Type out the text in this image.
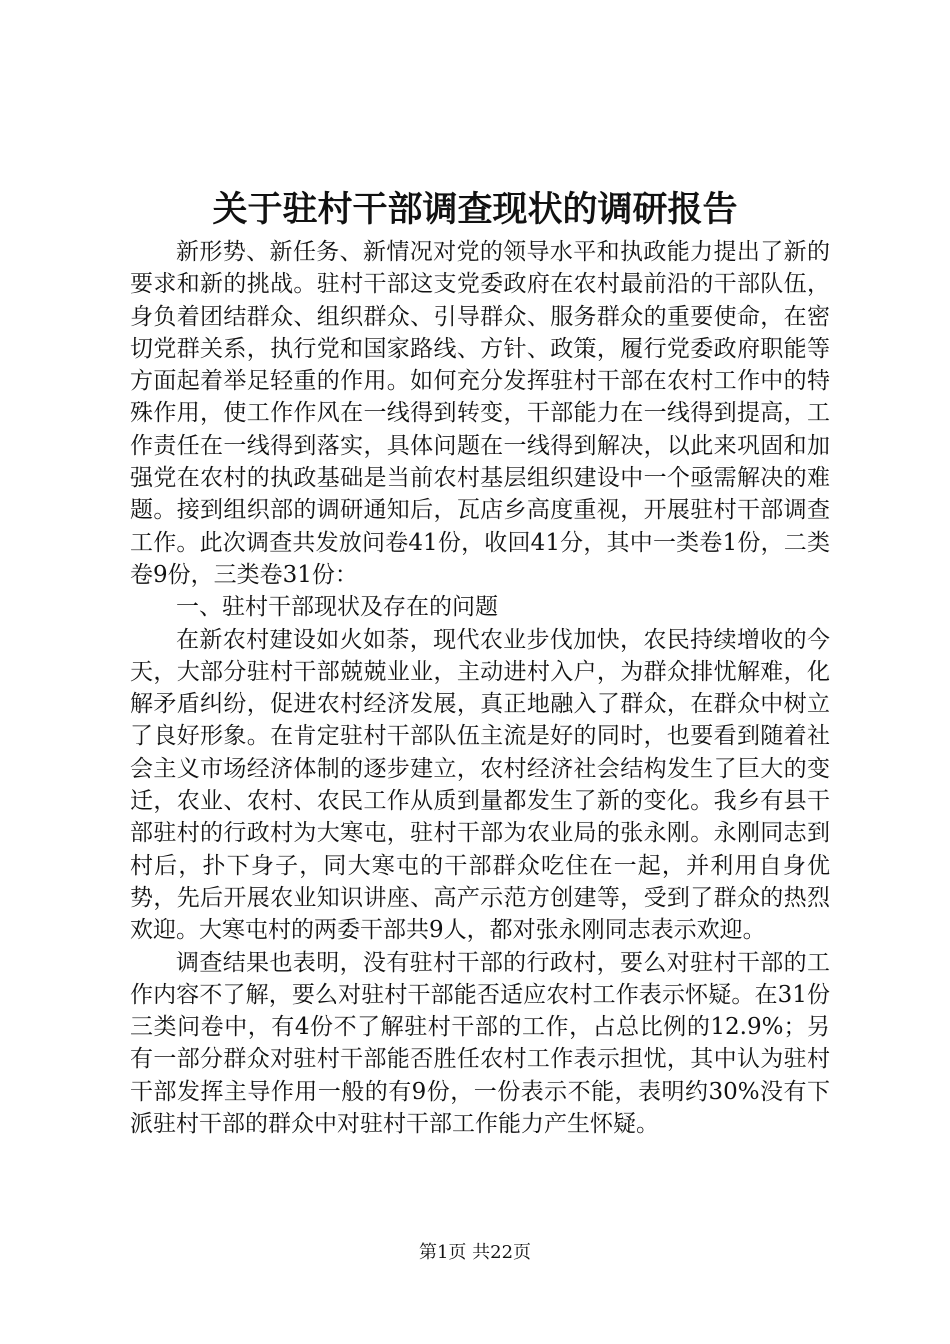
关于驻村干部调查现状的调研报告

新形势、新任务、新情况对党的领导水平和执政能力提出了新的要求和新的挑战。驻村干部这支党委政府在农村最前沿的干部队伍，身负着团结群众、组织群众、引导群众、服务群众的重要使命，在密切党群关系，执行党和国家路线、方针、政策，履行党委政府职能等方面起着举足轻重的作用。如何充分发挥驻村干部在农村工作中的特殊作用，使工作作风在一线得到转变，干部能力在一线得到提高，工作责任在一线得到落实，具体问题在一线得到解决，以此来巩固和加强党在农村的执政基础是当前农村基层组织建设中一个亟需解决的难题。接到组织部的调研通知后，瓦店乡高度重视，开展驻村干部调查工作。此次调查共发放问卷41份，收回41分，其中一类卷1份，二类卷9份，三类卷31份：

一、驻村干部现状及存在的问题

在新农村建设如火如荼，现代农业步伐加快，农民持续增收的今天，大部分驻村干部兢兢业业，主动进村入户，为群众排忧解难，化解矛盾纠纷，促进农村经济发展，真正地融入了群众，在群众中树立了良好形象。在肯定驻村干部队伍主流是好的同时，也要看到随着社会主义市场经济体制的逐步建立，农村经济社会结构发生了巨大的变迁，农业、农村、农民工作从质到量都发生了新的变化。我乡有县干部驻村的行政村为大寒屯，驻村干部为农业局的张永刚。永刚同志到村后，扑下身子，同大寒屯的干部群众吃住在一起，并利用自身优势，先后开展农业知识讲座、高产示范方创建等，受到了群众的热烈欢迎。大寒屯村的两委干部共9人，都对张永刚同志表示欢迎。

调查结果也表明，没有驻村干部的行政村，要么对驻村干部的工作内容不了解，要么对驻村干部能否适应农村工作表示怀疑。在31份三类问卷中，有4份不了解驻村干部的工作，占总比例的12.9%；另有一部分群众对驻村干部能否胜任农村工作表示担忧，其中认为驻村干部发挥主导作用一般的有9份，一份表示不能，表明约30%没有下派驻村干部的群众中对驻村干部工作能力产生怀疑。

第1页 共22页
